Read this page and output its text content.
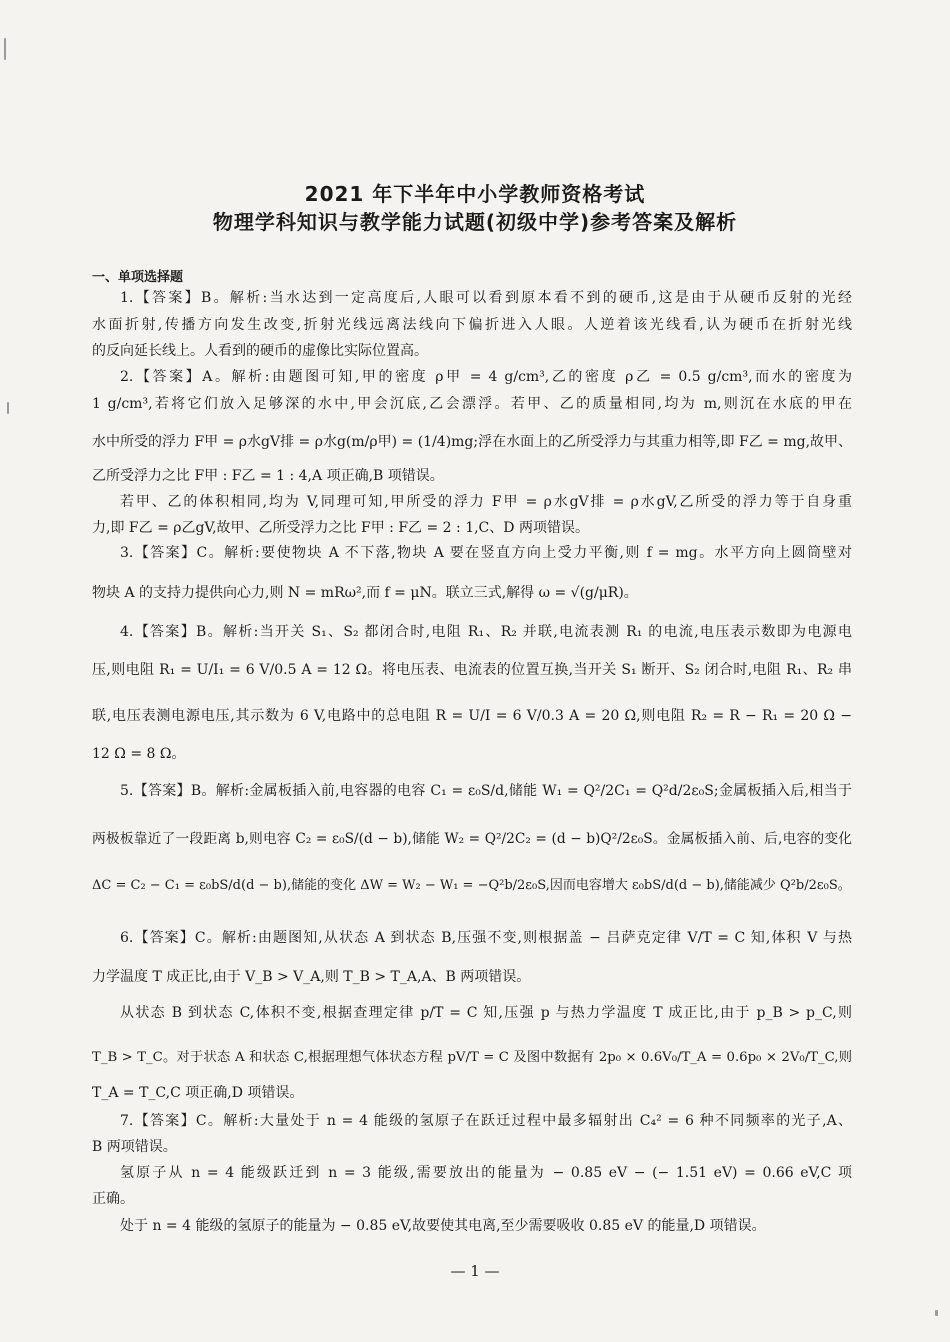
2021 年下半年中小学教师资格考试
物理学科知识与教学能力试题(初级中学)参考答案及解析
一、单项选择题
1.【答案】B。解析:当水达到一定高度后,人眼可以看到原本看不到的硬币,这是由于从硬币反射的光经
水面折射,传播方向发生改变,折射光线远离法线向下偏折进入人眼。人逆着该光线看,认为硬币在折射光线
的反向延长线上。人看到的硬币的虚像比实际位置高。
2.【答案】A。解析:由题图可知,甲的密度 ρ甲 = 4 g/cm³,乙的密度 ρ乙 = 0.5 g/cm³,而水的密度为
1 g/cm³,若将它们放入足够深的水中,甲会沉底,乙会漂浮。若甲、乙的质量相同,均为 m,则沉在水底的甲在
水中所受的浮力 F甲 = ρ水gV排 = ρ水g(m/ρ甲) = (1/4)mg;浮在水面上的乙所受浮力与其重力相等,即 F乙 = mg,故甲、
乙所受浮力之比 F甲 : F乙 = 1 : 4,A 项正确,B 项错误。
若甲、乙的体积相同,均为 V,同理可知,甲所受的浮力 F甲 = ρ水gV排 = ρ水gV,乙所受的浮力等于自身重
力,即 F乙 = ρ乙gV,故甲、乙所受浮力之比 F甲 : F乙 = 2 : 1,C、D 两项错误。
3.【答案】C。解析:要使物块 A 不下落,物块 A 要在竖直方向上受力平衡,则 f = mg。水平方向上圆筒壁对
物块 A 的支持力提供向心力,则 N = mRω²,而 f = μN。联立三式,解得 ω = √(g/μR)。
4.【答案】B。解析:当开关 S₁、S₂ 都闭合时,电阻 R₁、R₂ 并联,电流表测 R₁ 的电流,电压表示数即为电源电
压,则电阻 R₁ = U/I₁ = 6 V/0.5 A = 12 Ω。将电压表、电流表的位置互换,当开关 S₁ 断开、S₂ 闭合时,电阻 R₁、R₂ 串
联,电压表测电源电压,其示数为 6 V,电路中的总电阻 R = U/I = 6 V/0.3 A = 20 Ω,则电阻 R₂ = R − R₁ = 20 Ω −
12 Ω = 8 Ω。
5.【答案】B。解析:金属板插入前,电容器的电容 C₁ = ε₀S/d,储能 W₁ = Q²/2C₁ = Q²d/2ε₀S;金属板插入后,相当于
两极板靠近了一段距离 b,则电容 C₂ = ε₀S/(d − b),储能 W₂ = Q²/2C₂ = (d − b)Q²/2ε₀S。金属板插入前、后,电容的变化
ΔC = C₂ − C₁ = ε₀bS/d(d − b),储能的变化 ΔW = W₂ − W₁ = −Q²b/2ε₀S,因而电容增大 ε₀bS/d(d − b),储能减少 Q²b/2ε₀S。
6.【答案】C。解析:由题图知,从状态 A 到状态 B,压强不变,则根据盖 − 吕萨克定律 V/T = C 知,体积 V 与热
力学温度 T 成正比,由于 V_B > V_A,则 T_B > T_A,A、B 两项错误。
从状态 B 到状态 C,体积不变,根据查理定律 p/T = C 知,压强 p 与热力学温度 T 成正比,由于 p_B > p_C,则
T_B > T_C。对于状态 A 和状态 C,根据理想气体状态方程 pV/T = C 及图中数据有 2p₀ × 0.6V₀/T_A = 0.6p₀ × 2V₀/T_C,则
T_A = T_C,C 项正确,D 项错误。
7.【答案】C。解析:大量处于 n = 4 能级的氢原子在跃迁过程中最多辐射出 C₄² = 6 种不同频率的光子,A、
B 两项错误。
氢原子从 n = 4 能级跃迁到 n = 3 能级,需要放出的能量为 − 0.85 eV − (− 1.51 eV) = 0.66 eV,C 项
正确。
处于 n = 4 能级的氢原子的能量为 − 0.85 eV,故要使其电离,至少需要吸收 0.85 eV 的能量,D 项错误。
— 1 —
